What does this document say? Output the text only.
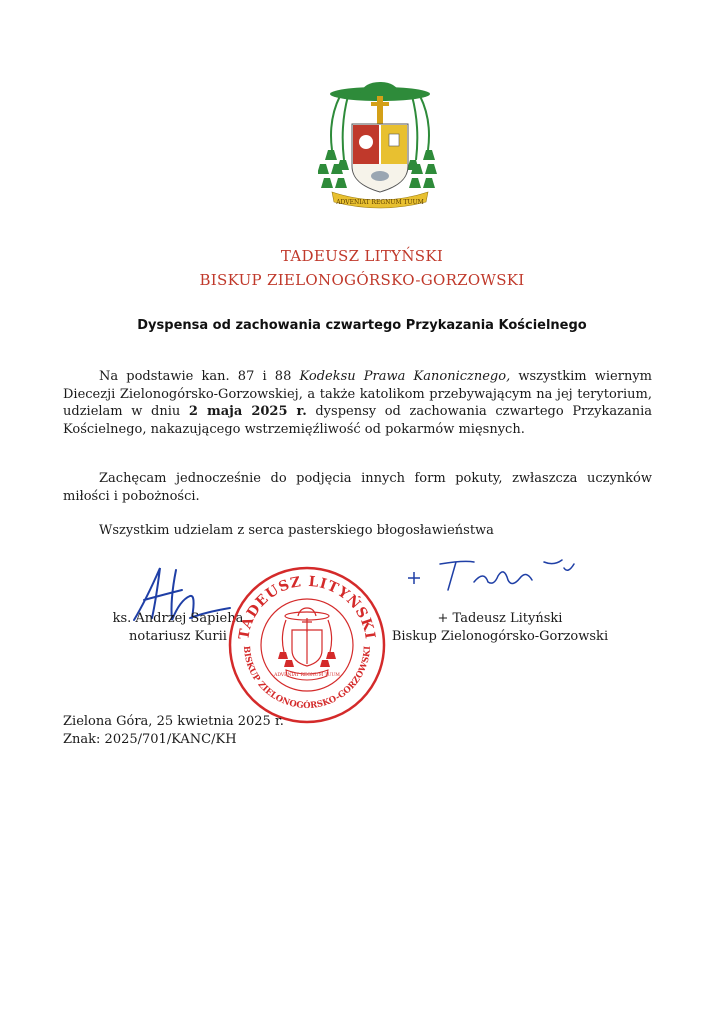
ADVENIAT REGNUM TUUM
TADEUSZ LITYŃSKI
BISKUP ZIELONOGÓRSKO-GORZOWSKI
Dyspensa od zachowania czwartego Przykazania Kościelnego
Na podstawie kan. 87 i 88 Kodeksu Prawa Kanonicznego, wszystkim wiernym Diecezji Zielonogórsko-Gorzowskiej, a także katolikom przebywającym na jej terytorium, udzielam w dniu 2 maja 2025 r. dyspensy od zachowania czwartego Przykazania Kościelnego, nakazującego wstrzemięźliwość od pokarmów mięsnych.
Zachęcam jednocześnie do podjęcia innych form pokuty, zwłaszcza uczynków miłości i pobożności.
Wszystkim udzielam z serca pasterskiego błogosławieństwa
ks. Andrzej Sapieha
notariusz Kurii
+ Tadeusz Lityński
Biskup Zielonogórsko-Gorzowski
TADEUSZ LITYŃSKI
BISKUP ZIELONOGÓRSKO-GORZOWSKI
ADVENIAT REGNUM TUUM
Zielona Góra, 25 kwietnia 2025 r.
Znak: 2025/701/KANC/KH
